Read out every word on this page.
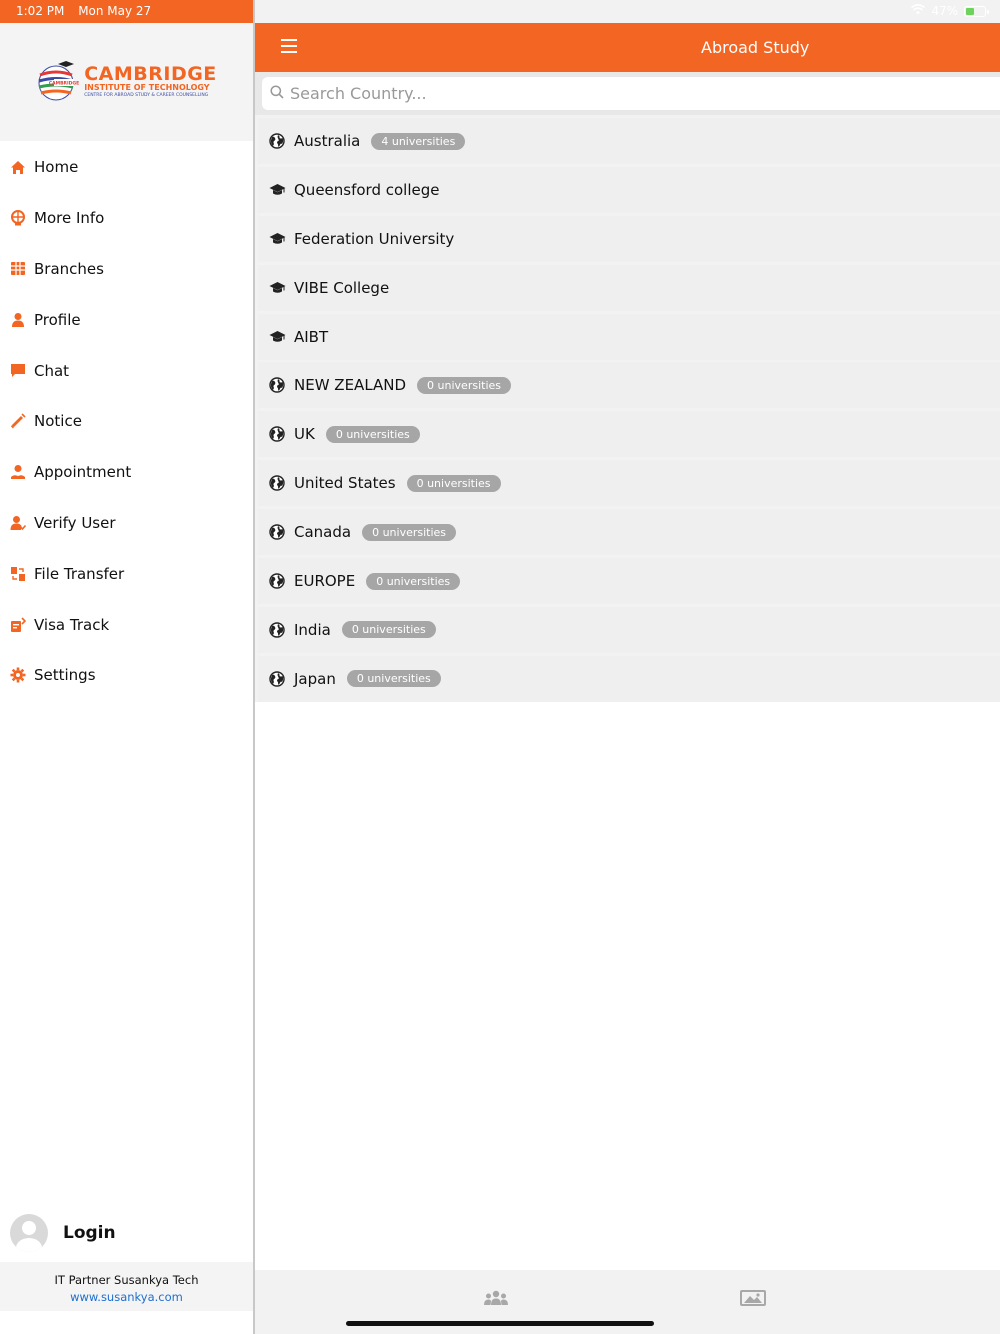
1:02 PM Mon May 27	47%
CAMBRIDGE CAMBRIDGE
INSTITUTE OF TECHNOLOGY
CENTRE FOR ABROAD STUDY & CAREER COUNSELLING
Home
More Info
Branches
Profile
Chat
Notice
Appointment
Verify User
File Transfer
Visa Track
Settings
Login
IT Partner Susankya Tech
www.susankya.com
Abroad Study
Search Country...
Australia	4 universities
Queensford college
Federation University
VIBE College
AIBT
NEW ZEALAND	0 universities
UK	0 universities
United States	0 universities
Canada	0 universities
EUROPE	0 universities
India	0 universities
Japan	0 universities
